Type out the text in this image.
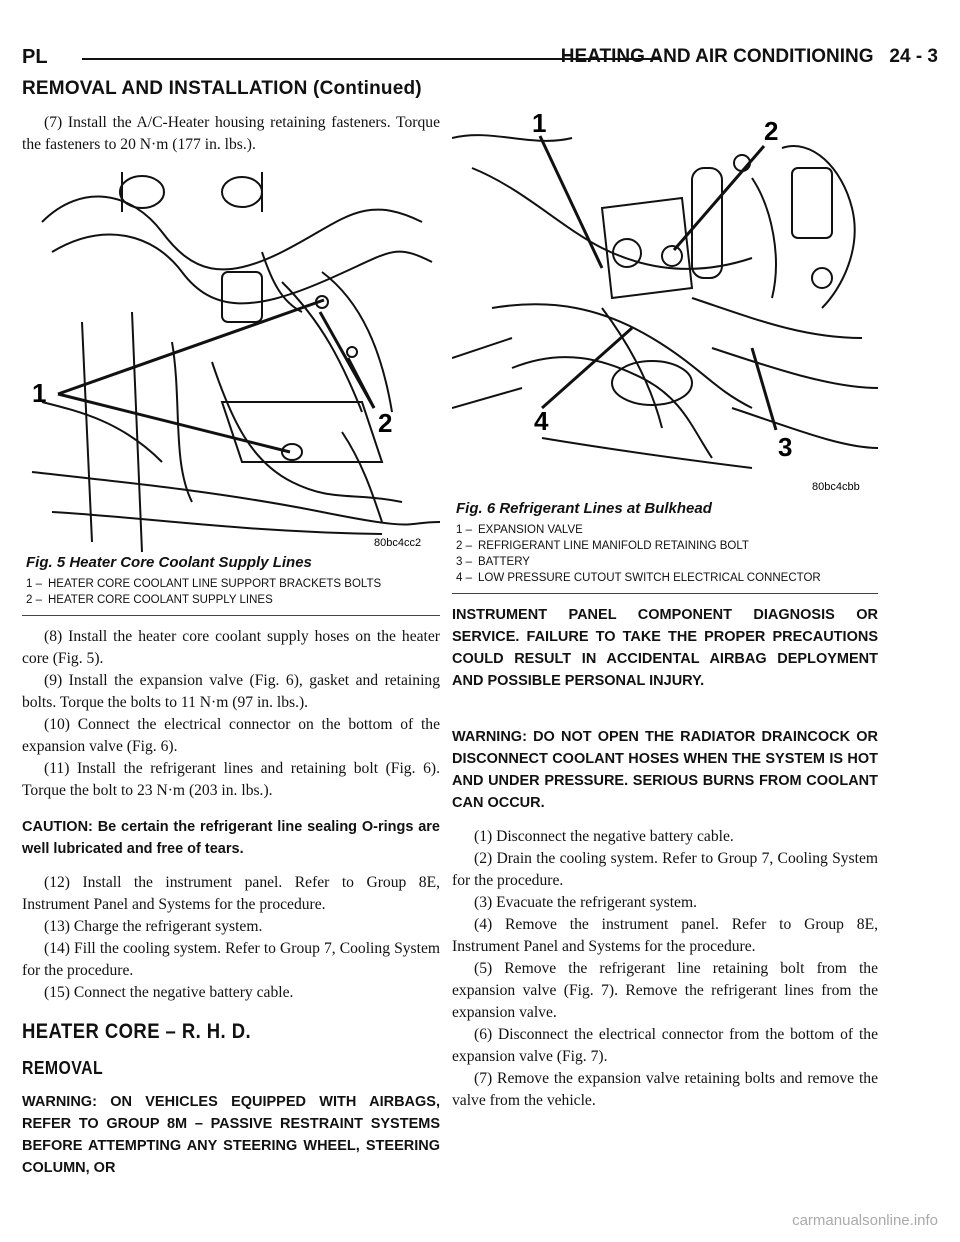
PL	HEATING AND AIR CONDITIONING 24 - 3
REMOVAL AND INSTALLATION (Continued)

(7) Install the A/C-Heater housing retaining fasteners. Torque the fasteners to 20 N·m (177 in. lbs.).

1
2
80bc4cc2
Fig. 5 Heater Core Coolant Supply Lines
1 – HEATER CORE COOLANT LINE SUPPORT BRACKETS BOLTS
2 – HEATER CORE COOLANT SUPPLY LINES

(8) Install the heater core coolant supply hoses on the heater core (Fig. 5).

(9) Install the expansion valve (Fig. 6), gasket and retaining bolts. Torque the bolts to 11 N·m (97 in. lbs.).

(10) Connect the electrical connector on the bottom of the expansion valve (Fig. 6).

(11) Install the refrigerant lines and retaining bolt (Fig. 6). Torque the bolt to 23 N·m (203 in. lbs.).

CAUTION: Be certain the refrigerant line sealing O-rings are well lubricated and free of tears.

(12) Install the instrument panel. Refer to Group 8E, Instrument Panel and Systems for the procedure.

(13) Charge the refrigerant system.

(14) Fill the cooling system. Refer to Group 7, Cooling System for the procedure.

(15) Connect the negative battery cable.

HEATER CORE – R. H. D.
REMOVAL

WARNING: ON VEHICLES EQUIPPED WITH AIRBAGS, REFER TO GROUP 8M – PASSIVE RESTRAINT SYSTEMS BEFORE ATTEMPTING ANY STEERING WHEEL, STEERING COLUMN, OR

1	2
3
4
80bc4cbb
Fig. 6 Refrigerant Lines at Bulkhead
1 – EXPANSION VALVE
2 – REFRIGERANT LINE MANIFOLD RETAINING BOLT
3 – BATTERY
4 – LOW PRESSURE CUTOUT SWITCH ELECTRICAL CONNECTOR

INSTRUMENT PANEL COMPONENT DIAGNOSIS OR SERVICE. FAILURE TO TAKE THE PROPER PRECAUTIONS COULD RESULT IN ACCIDENTAL AIRBAG DEPLOYMENT AND POSSIBLE PERSONAL INJURY.

WARNING: DO NOT OPEN THE RADIATOR DRAINCOCK OR DISCONNECT COOLANT HOSES WHEN THE SYSTEM IS HOT AND UNDER PRESSURE. SERIOUS BURNS FROM COOLANT CAN OCCUR.

(1) Disconnect the negative battery cable.

(2) Drain the cooling system. Refer to Group 7, Cooling System for the procedure.

(3) Evacuate the refrigerant system.

(4) Remove the instrument panel. Refer to Group 8E, Instrument Panel and Systems for the procedure.

(5) Remove the refrigerant line retaining bolt from the expansion valve (Fig. 7). Remove the refrigerant lines from the expansion valve.

(6) Disconnect the electrical connector from the bottom of the expansion valve (Fig. 7).

(7) Remove the expansion valve retaining bolts and remove the valve from the vehicle.

carmanualsonline.info
